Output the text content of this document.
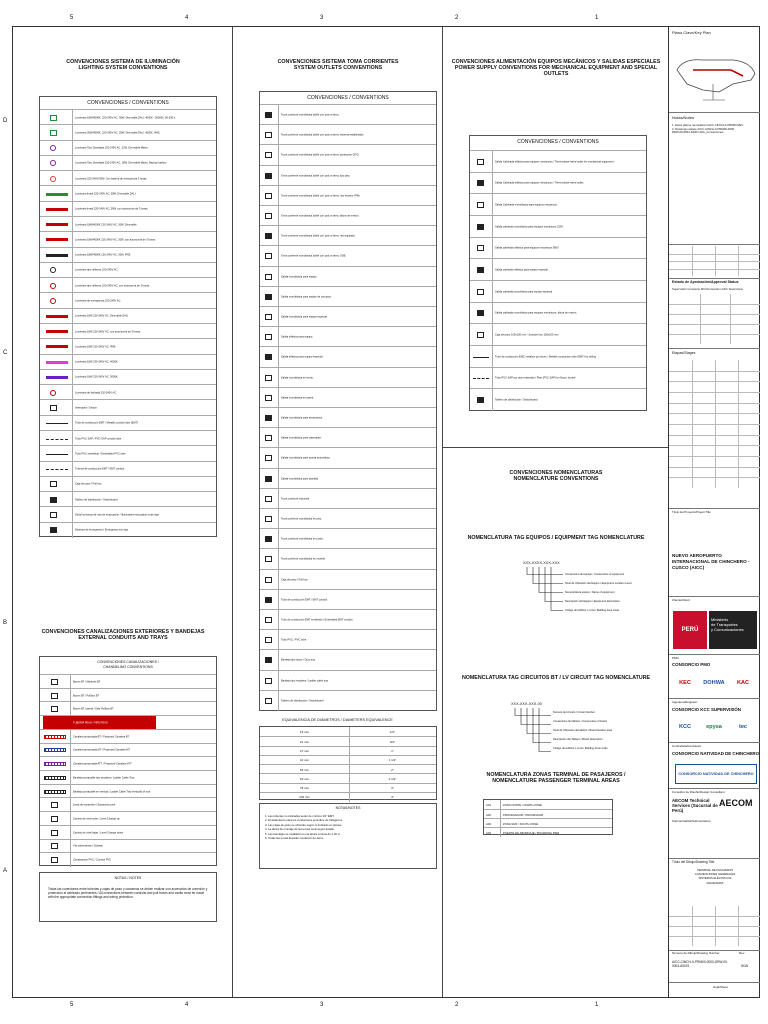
5	4	3	2	1
5	4	3	2	1
D
C
B
A
CONVENCIONES SISTEMA DE ILUMINACIÓN
LIGHTING SYSTEM CONVENTIONS
CONVENCIONES / CONVENTIONS
Luminaria 18W/4000K, 220-240V AC, 30W. Dimmable DALI. 4000K - 50000h. 60,000 h.
Luminaria 20W/4000K, 220-240V AC, 25W. Dimmable DALI. 4000K. IP65.
Luminaria Tipo Downlight 220-240V AC, 12W. Dimmable Mains.
Luminaria Tipo Downlight 220-240V AC, 18W. Dimmable Mains. Backup battery.
Luminaria 220-240V/35W, Con batería de emergencia 3 horas.
Luminaria lineal 220-240V AC, 28W. Dimmable DALI.
Luminaria lineal 220-240V AC, 28W. con autonomía de 3 horas.
Luminaria 18W/4000K 220-240V AC, 30W. Dimmable.
Luminaria 18W/4000K 220-240V AC, 30W. con autonomía de 3 horas.
Luminaria 18W/4000K 220-240V AC, 30W. IP65.
Luminaria tipo reflector 220-240V AC.
Luminaria tipo reflector 220-240V AC, con autonomía de 3 horas.
Luminaria de emergencia 220-240V AC.
Luminaria 18W 220-240V AC. Dimmable DALI.
Luminaria 18W 220-240V AC. con autonomía de 3 horas.
Luminaria 18W 220-240V AC. IP66.
Luminaria 18W 220-240V AC. 4000K.
Luminaria 18W 220-240V AC. 3000K.
Luminaria de fachada 220-240V AC.
Interruptor / Switch
Tubo de conducción EMT / Metallic conduit tube (EMT)
Tubo PVC-SAP / PVC-SAP conduit tube
Tubo PVC embebido / Embedded PVC tube
Tubería de conducción EMT / EMT conduit
Caja de paso / Pull box
Tablero de distribución / Switchboard
Señal luminosa de ruta de evacuación / Illuminated evacuation route sign
Detector de emergencia / Emergency exit sign
CONVENCIONES CANALIZACIONES EXTERIORES Y BANDEJAS
EXTERNAL CONDUITS AND TRAYS
CONVENCIONES CANALIZACIONES /
CHANNELING CONVENTIONS
Buzón BT / Manhole BT
Buzón BT / Pullbox BT
Buzón BT Lateral / Side Pullbox BT
TUBERÍA PEAD / PIPE PEAD
Canaleta proyectada BT / Projected Canaleta BT
Canaleta proyectada MT / Projected Canaleta MT
Canaleta proyectada ATT / Projected Canaleta ATT
Bandeja portacable tipo escalera / Ladder Cable Tray
Bandeja portacable en vertical / Ladder Cable Tray vertically of roof
Junta de expansión / Expansion joint
Cambio de nivel subir / Level Change up
Cambio de nivel bajar / Level Change down
Vía subterránea / Subway
Canalización PVC / Conduit PVC
NOTAS / NOTES
Todas las conexiones entre tuberías y cajas de paso y cárcamos se deben realizar con accesorios de conexión y protección al cableado pertinentes / All connections between conduits and pull boxes and vaults must be made with the appropriate connection fittings and wiring protection.
CONVENCIONES SISTEMA TOMA CORRIENTES
SYSTEM OUTLETS CONVENTIONS
CONVENCIONES / CONVENTIONS
Toma corriente monofásica doble con polo a tierra.
Toma corriente monofásica doble con polo a tierra, sistema estabilizado.
Toma corriente monofásica doble con polo a tierra, protección GFCI.
Toma corriente monofásica doble con polo a tierra, tipo piso.
Toma corriente monofásica doble con polo a tierra, uso exterior IP66.
Toma corriente monofásica doble con polo a tierra, altura de mesón.
Toma corriente monofásica doble con polo a tierra, red regulada.
Toma corriente monofásica doble con polo a tierra, USB.
Salida monofásica para equipo.
Salida monofásica para equipo de cómputo.
Salida monofásica para equipo especial.
Salida trifásica para equipo.
Salida trifásica para equipo especial.
Salida monofásica en techo.
Salida monofásica en pared.
Salida monofásica para secamanos.
Salida monofásica para calentador.
Salida monofásica para puerta automática.
Salida monofásica para pantalla.
Toma corriente industrial.
Toma corriente monofásica en piso.
Toma corriente monofásica en poste.
Toma corriente monofásica en mueble.
Caja de paso / Pull box
Tubo de conducción EMT / EMT conduit
Tubo de conducción EMT embebido / Embedded EMT conduit
Tubo PVC / PVC tube
Bandeja tipo ducto / Duct tray
Bandeja tipo escalera / Ladder cable tray
Tablero de distribución / Switchboard
EQUIVALENCIA DE DIÁMETROS / DIAMETERS EQUIVALENCE
16 mm	1/2"
21 mm	3/4"
27 mm	1"
41 mm	1 1/2"
53 mm	2"
63 mm	2 1/2"
78 mm	3"
103 mm	4"
NOTAS/NOTES
1. Las tuberías no indicadas serán de mínimo 3/4" EMT.
2. El aislamiento para los conductores será libre de halógenos.
3. Las cajas de paso se ubicarán según lo indicado en planos.
4. La altura de montaje de las tomas será según detalle.
5. Las bandejas se instalarán a una altura mínima de 2.40 m.
6. Todas las tomas llevarán conductor de tierra.
CONVENCIONES ALIMENTACIÓN EQUIPOS MECÁNICOS Y SALIDAS ESPECIALES
POWER SUPPLY CONVENTIONS FOR MECHANICAL EQUIPMENT AND SPECIAL OUTLETS
CONVENCIONES / CONVENTIONS
Salida Cableada trifásica para equipos mecánicos / Three-phase wired outlet for mechanical equipment.
Salida Cableada trifásica para equipos mecánicos / Three-phase wired outlet.
Salida Cableada monofásica para equipos mecánicos.
Salida cableada monofásica para equipos mecánicos 220V.
Salida cableada trifásica para equipos mecánicos 380V.
Salida cableada trifásica para equipo especial.
Salida cableada monofásica para equipo especial.
Salida cableada monofásica para equipos mecánicos, altura de mesón.
Caja de paso 100x100 mm / Junction box 100x100 mm
Tubo de conducción EMC metálica por techo / Metallic conduction tube (EMT) by ceiling
Tubo PVC-SAP por piso enterrado / Pipe (PVC-SAP) for floors, buried
Tablero de distribución / Switchboard
CONVENCIONES NOMENCLATURAS
NOMENCLATURE CONVENTIONS
NOMENCLATURA TAG EQUIPOS / EQUIPMENT TAG NOMENCLATURE
XXX-XXXX-XXX-XXX
Consecutivo del equipo / Consecutive of equipment
Nivel de Ubicación del Equipo / Equipment Location Level
Nomenclatura equipo / Name of equipment
Descripción del Equipo / Equipment Description
Código del edificio o zona / Building Area Code
NOMENCLATURA TAG CIRCUITOS BT / LV CIRCUIT TAG NOMENCLATURE
XXX-XXX-XXX-00
Número del circuito / Circuit Number
Consecutivo del tablero / Consecutive of board
Nivel de Ubicación del tablero / Board location level
Descripción del Tablero / Board Description
Código del edificio o zona / Building Zone Code
NOMENCLATURA ZONAS TERMINAL DE PASAJEROS /
NOMENCLATURE PASSENGER TERMINAL AREAS
A01	ZONA NORTE / NORTH ZONE
A02	PROCESADOR / PROCESSOR
A03	ZONA SUR / SOUTH ZONE
A04	PUENTE DE ABORDAJE / BOARDING PIER
Plano Clave/Key Plan
Notas/Notes
1. Estos planos reemplazan AICC-CINCH-X-PRM00 REV
2. Drawings replace AICC-CINCH-X-PRM00-0000
DRW-00-0004-A0001-00A_Conversiones
Estado de Aprobación/Approval Status
Supervisión Consorcio AKC/Consortium AKC Supervision
Etapas/Stages
Título del Proyecto/Project Title
NUEVO AEROPUERTO INTERNACIONAL DE CHINCHERO - CUSCO (AICC)
Cliente/Client
PERÚ
Ministerio
de Transportes
y Comunicaciones
PMO
CONSORCIO PMO
KEC	DOHWA	KAC
Ingeniero/Engineer
CONSORCIO KCC SUPERVISIÓN
KCC	epysa	tec
Contratista/Contractor
CONSORCIO NATIVIDAD DE CHINCHERO
CONSORCIO NATIVIDAD DE CHINCHERO
Consultor de Diseño/Design Consultant
AECOM Technical Services (Sucursal de Perú)
AECOM
Subcontratista/Subcontractor
Título del Dibujo/Drawing Title
TERMINAL DE PASAJEROS
CONVENCIONES GENERALES
SISTEMAS ELÉCTRICOS
DIAGRAMAS
Número de Dibujo/Drawing Number	Rev
AICC-CINCH-X-PRM00-0000-DRW-00-0004-A0001	00A
Hoja/Sheet
